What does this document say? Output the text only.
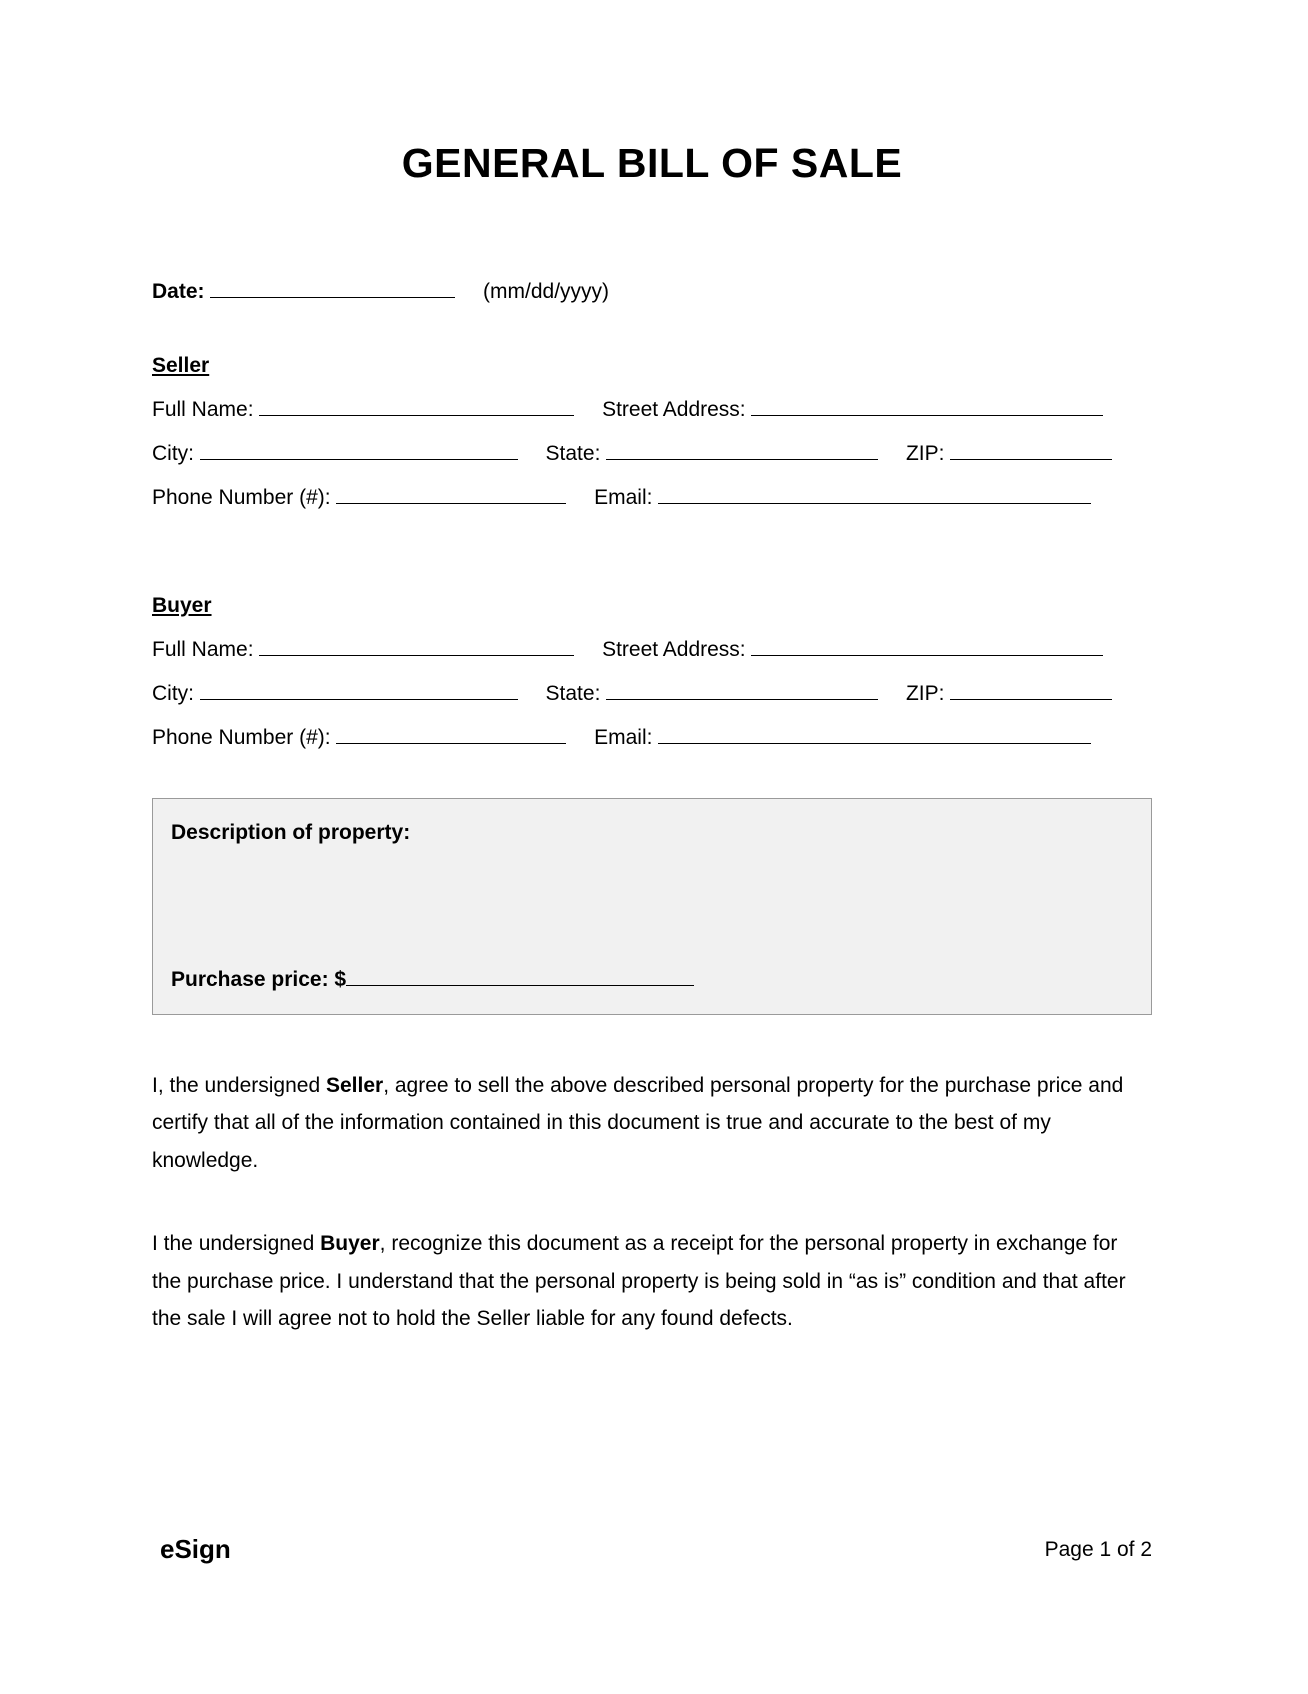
GENERAL BILL OF SALE
Date:	(mm/dd/yyyy)
Seller
Full Name:	Street Address:
City:	State:	ZIP:
Phone Number (#):	Email:
Buyer
Full Name:	Street Address:
City:	State:	ZIP:
Phone Number (#):	Email:
Description of property:
Purchase price: $
I, the undersigned Seller, agree to sell the above described personal property for the purchase price and certify that all of the information contained in this document is true and accurate to the best of my knowledge.
I the undersigned Buyer, recognize this document as a receipt for the personal property in exchange for the purchase price. I understand that the personal property is being sold in “as is” condition and that after the sale I will agree not to hold the Seller liable for any found defects.
eSign	Page 1 of 2
